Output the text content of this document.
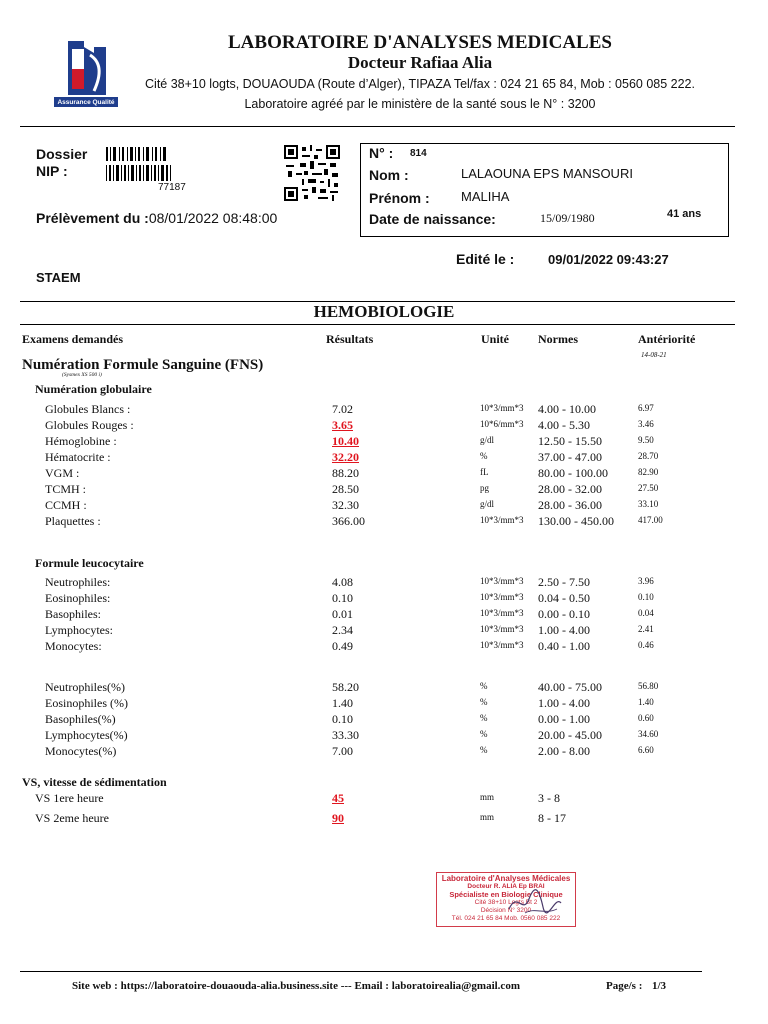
Assurance Qualité
LABORATOIRE D'ANALYSES MEDICALES
Docteur Rafiaa Alia
Cité 38+10 logts, DOUAOUDA (Route d’Alger), TIPAZA Tel/fax : 024 21 65 84, Mob : 0560 085 222.
Laboratoire agréé par le ministère de la santé sous le N° : 3200
Dossier
NIP :
77187
Prélèvement du :08/01/2022 08:48:00
N° : 814
Nom :	LALAOUNA EPS MANSOURI
Prénom : MALIHA
Date de naissance:	15/09/1980	41 ans
Edité le :	09/01/2022 09:43:27
STAEM
HEMOBIOLOGIE
Examens demandés	Résultats	Unité Normes	Antériorité
14-08-21
Numération Formule Sanguine (FNS)
(Sysmex XS 500 i)
Numération globulaire
Globules Blancs :	7.02	10*3/mm*3 4.00 - 10.00	6.97
Globules Rouges :	3.65	10*6/mm*3 4.00 - 5.30	3.46
Hémoglobine :	10.40	g/dl	12.50 - 15.50	9.50
Hématocrite :	32.20	%	37.00 - 47.00	28.70
VGM :	88.20	fL	80.00 - 100.00	82.90
TCMH :	28.50	pg	28.00 - 32.00	27.50
CCMH :	32.30	g/dl	28.00 - 36.00	33.10
Plaquettes :	366.00	10*3/mm*3 130.00 - 450.00	417.00
Formule leucocytaire
Neutrophiles:	4.08	10*3/mm*3 2.50 - 7.50	3.96
Eosinophiles:	0.10	10*3/mm*3 0.04 - 0.50	0.10
Basophiles:	0.01	10*3/mm*3 0.00 - 0.10	0.04
Lymphocytes:	2.34	10*3/mm*3 1.00 - 4.00	2.41
Monocytes:	0.49	10*3/mm*3 0.40 - 1.00	0.46
Neutrophiles(%)	58.20	%	40.00 - 75.00	56.80
Eosinophiles (%)	1.40	%	1.00 - 4.00	1.40
Basophiles(%)	0.10	%	0.00 - 1.00	0.60
Lymphocytes(%)	33.30	%	20.00 - 45.00	34.60
Monocytes(%)	7.00	%	2.00 - 8.00	6.60
VS, vitesse de sédimentation
VS 1ere heure	45	mm	3 - 8
VS 2eme heure	90	mm	8 - 17
Laboratoire d'Analyses Médicales
Docteur R. ALIA Ep BRAI
Spécialiste en Biologie Clinique
Cité 38+10 Logts Bt 2
Décision N° 3200
Tél. 024 21 65 84 Mob. 0560 085 222
Site web : https://laboratoire-douaouda-alia.business.site --- Email : laboratoirealia@gmail.com	Page/s : 1/3
